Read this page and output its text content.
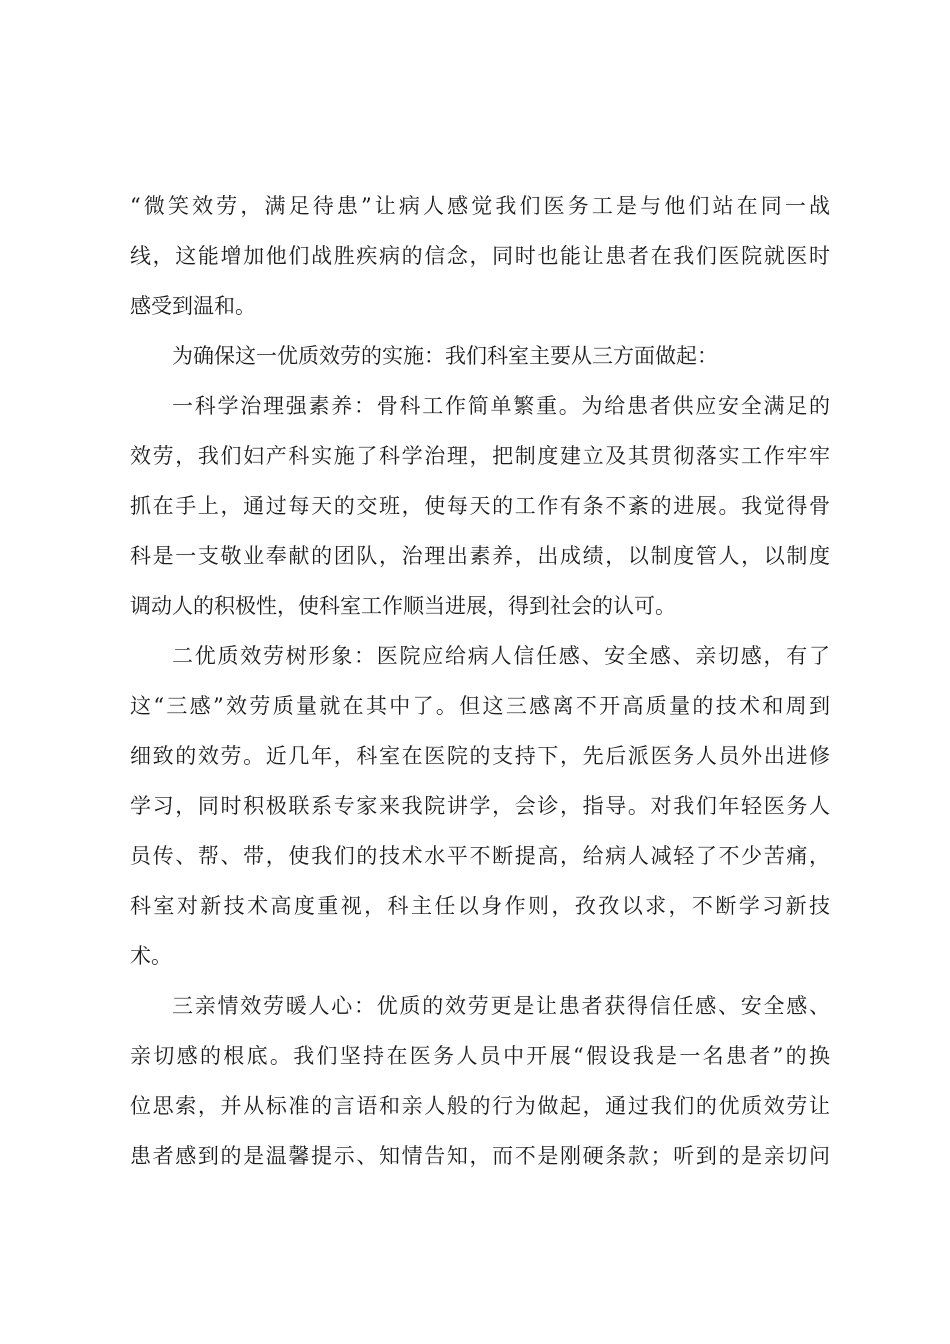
“微笑效劳，满足待患”让病人感觉我们医务工是与他们站在同一战

线，这能增加他们战胜疾病的信念，同时也能让患者在我们医院就医时

感受到温和。

为确保这一优质效劳的实施：我们科室主要从三方面做起：

一科学治理强素养：骨科工作简单繁重。为给患者供应安全满足的

效劳，我们妇产科实施了科学治理，把制度建立及其贯彻落实工作牢牢

抓在手上，通过每天的交班，使每天的工作有条不紊的进展。我觉得骨

科是一支敬业奉献的团队，治理出素养，出成绩，以制度管人，以制度

调动人的积极性，使科室工作顺当进展，得到社会的认可。

二优质效劳树形象：医院应给病人信任感、安全感、亲切感，有了

这“三感”效劳质量就在其中了。但这三感离不开高质量的技术和周到

细致的效劳。近几年，科室在医院的支持下，先后派医务人员外出进修

学习，同时积极联系专家来我院讲学，会诊，指导。对我们年轻医务人

员传、帮、带，使我们的技术水平不断提高，给病人减轻了不少苦痛，

科室对新技术高度重视，科主任以身作则，孜孜以求，不断学习新技

术。

三亲情效劳暖人心：优质的效劳更是让患者获得信任感、安全感、

亲切感的根底。我们坚持在医务人员中开展“假设我是一名患者”的换

位思索，并从标准的言语和亲人般的行为做起，通过我们的优质效劳让

患者感到的是温馨提示、知情告知，而不是刚硬条款；听到的是亲切问
